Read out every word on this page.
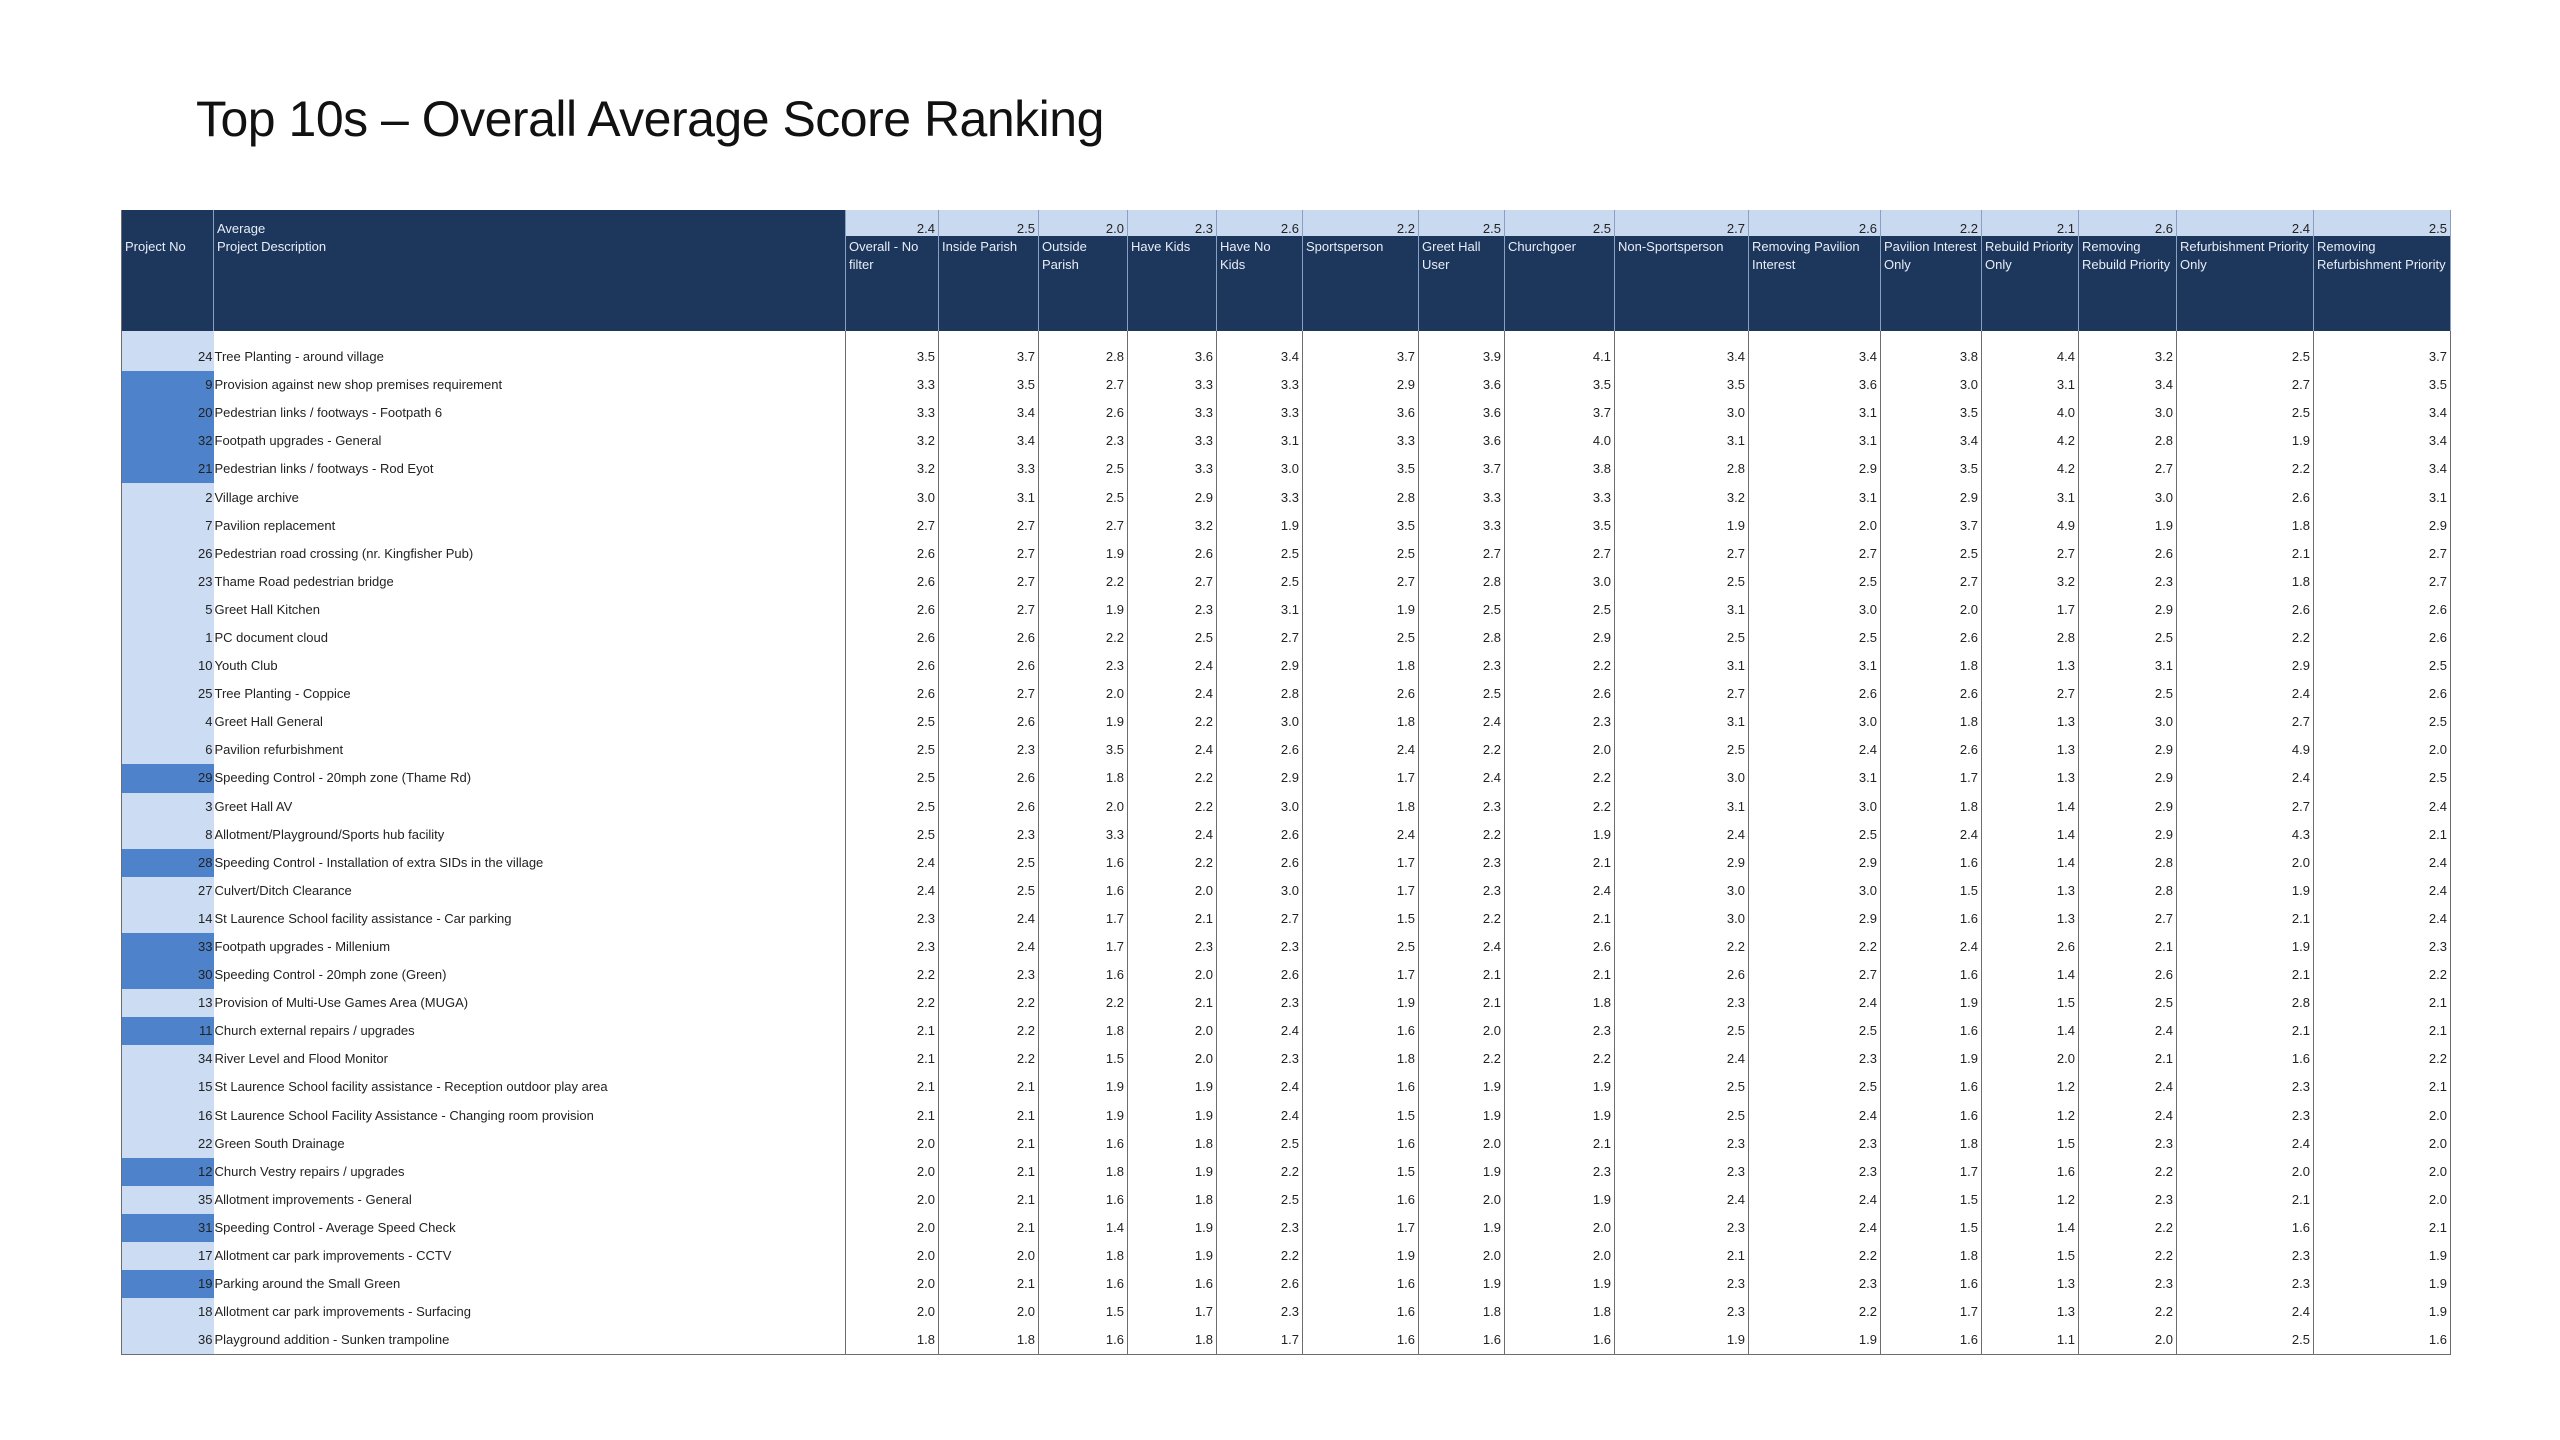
Top 10s – Overall Average Score Ranking
	Average	2.4	2.5	2.0	2.3	2.6	2.2	2.5	2.5	2.7	2.6	2.2	2.1	2.6	2.4	2.5
Project No	Project Description	Overall - No filter	Inside Parish	Outside Parish	Have Kids	Have No Kids	Sportsperson	Greet Hall User	Churchgoer	Non-Sportsperson	Removing Pavilion Interest	Pavilion Interest Only	Rebuild Priority Only	Removing Rebuild Priority	Refurbishment Priority Only	Removing Refurbishment Priority

24	Tree Planting - around village	3.5	3.7	2.8	3.6	3.4	3.7	3.9	4.1	3.4	3.4	3.8	4.4	3.2	2.5	3.7
9	Provision against new shop premises requirement	3.3	3.5	2.7	3.3	3.3	2.9	3.6	3.5	3.5	3.6	3.0	3.1	3.4	2.7	3.5
20	Pedestrian links / footways - Footpath 6	3.3	3.4	2.6	3.3	3.3	3.6	3.6	3.7	3.0	3.1	3.5	4.0	3.0	2.5	3.4
32	Footpath upgrades - General	3.2	3.4	2.3	3.3	3.1	3.3	3.6	4.0	3.1	3.1	3.4	4.2	2.8	1.9	3.4
21	Pedestrian links / footways - Rod Eyot	3.2	3.3	2.5	3.3	3.0	3.5	3.7	3.8	2.8	2.9	3.5	4.2	2.7	2.2	3.4
2	Village archive	3.0	3.1	2.5	2.9	3.3	2.8	3.3	3.3	3.2	3.1	2.9	3.1	3.0	2.6	3.1
7	Pavilion replacement	2.7	2.7	2.7	3.2	1.9	3.5	3.3	3.5	1.9	2.0	3.7	4.9	1.9	1.8	2.9
26	Pedestrian road crossing (nr. Kingfisher Pub)	2.6	2.7	1.9	2.6	2.5	2.5	2.7	2.7	2.7	2.7	2.5	2.7	2.6	2.1	2.7
23	Thame Road pedestrian bridge	2.6	2.7	2.2	2.7	2.5	2.7	2.8	3.0	2.5	2.5	2.7	3.2	2.3	1.8	2.7
5	Greet Hall Kitchen	2.6	2.7	1.9	2.3	3.1	1.9	2.5	2.5	3.1	3.0	2.0	1.7	2.9	2.6	2.6
1	PC document cloud	2.6	2.6	2.2	2.5	2.7	2.5	2.8	2.9	2.5	2.5	2.6	2.8	2.5	2.2	2.6
10	Youth Club	2.6	2.6	2.3	2.4	2.9	1.8	2.3	2.2	3.1	3.1	1.8	1.3	3.1	2.9	2.5
25	Tree Planting - Coppice	2.6	2.7	2.0	2.4	2.8	2.6	2.5	2.6	2.7	2.6	2.6	2.7	2.5	2.4	2.6
4	Greet Hall General	2.5	2.6	1.9	2.2	3.0	1.8	2.4	2.3	3.1	3.0	1.8	1.3	3.0	2.7	2.5
6	Pavilion refurbishment	2.5	2.3	3.5	2.4	2.6	2.4	2.2	2.0	2.5	2.4	2.6	1.3	2.9	4.9	2.0
29	Speeding Control - 20mph zone (Thame Rd)	2.5	2.6	1.8	2.2	2.9	1.7	2.4	2.2	3.0	3.1	1.7	1.3	2.9	2.4	2.5
3	Greet Hall AV	2.5	2.6	2.0	2.2	3.0	1.8	2.3	2.2	3.1	3.0	1.8	1.4	2.9	2.7	2.4
8	Allotment/Playground/Sports hub facility	2.5	2.3	3.3	2.4	2.6	2.4	2.2	1.9	2.4	2.5	2.4	1.4	2.9	4.3	2.1
28	Speeding Control - Installation of extra SIDs in the village	2.4	2.5	1.6	2.2	2.6	1.7	2.3	2.1	2.9	2.9	1.6	1.4	2.8	2.0	2.4
27	Culvert/Ditch Clearance	2.4	2.5	1.6	2.0	3.0	1.7	2.3	2.4	3.0	3.0	1.5	1.3	2.8	1.9	2.4
14	St Laurence School facility assistance - Car parking	2.3	2.4	1.7	2.1	2.7	1.5	2.2	2.1	3.0	2.9	1.6	1.3	2.7	2.1	2.4
33	Footpath upgrades - Millenium	2.3	2.4	1.7	2.3	2.3	2.5	2.4	2.6	2.2	2.2	2.4	2.6	2.1	1.9	2.3
30	Speeding Control - 20mph zone (Green)	2.2	2.3	1.6	2.0	2.6	1.7	2.1	2.1	2.6	2.7	1.6	1.4	2.6	2.1	2.2
13	Provision of Multi-Use Games Area (MUGA)	2.2	2.2	2.2	2.1	2.3	1.9	2.1	1.8	2.3	2.4	1.9	1.5	2.5	2.8	2.1
11	Church external repairs / upgrades	2.1	2.2	1.8	2.0	2.4	1.6	2.0	2.3	2.5	2.5	1.6	1.4	2.4	2.1	2.1
34	River Level and Flood Monitor	2.1	2.2	1.5	2.0	2.3	1.8	2.2	2.2	2.4	2.3	1.9	2.0	2.1	1.6	2.2
15	St Laurence School facility assistance - Reception outdoor play area	2.1	2.1	1.9	1.9	2.4	1.6	1.9	1.9	2.5	2.5	1.6	1.2	2.4	2.3	2.1
16	St Laurence School Facility Assistance - Changing room provision	2.1	2.1	1.9	1.9	2.4	1.5	1.9	1.9	2.5	2.4	1.6	1.2	2.4	2.3	2.0
22	Green South Drainage	2.0	2.1	1.6	1.8	2.5	1.6	2.0	2.1	2.3	2.3	1.8	1.5	2.3	2.4	2.0
12	Church Vestry repairs / upgrades	2.0	2.1	1.8	1.9	2.2	1.5	1.9	2.3	2.3	2.3	1.7	1.6	2.2	2.0	2.0
35	Allotment improvements - General	2.0	2.1	1.6	1.8	2.5	1.6	2.0	1.9	2.4	2.4	1.5	1.2	2.3	2.1	2.0
31	Speeding Control - Average Speed Check	2.0	2.1	1.4	1.9	2.3	1.7	1.9	2.0	2.3	2.4	1.5	1.4	2.2	1.6	2.1
17	Allotment car park improvements - CCTV	2.0	2.0	1.8	1.9	2.2	1.9	2.0	2.0	2.1	2.2	1.8	1.5	2.2	2.3	1.9
19	Parking around the Small Green	2.0	2.1	1.6	1.6	2.6	1.6	1.9	1.9	2.3	2.3	1.6	1.3	2.3	2.3	1.9
18	Allotment car park improvements - Surfacing	2.0	2.0	1.5	1.7	2.3	1.6	1.8	1.8	2.3	2.2	1.7	1.3	2.2	2.4	1.9
36	Playground addition - Sunken trampoline	1.8	1.8	1.6	1.8	1.7	1.6	1.6	1.6	1.9	1.9	1.6	1.1	2.0	2.5	1.6
